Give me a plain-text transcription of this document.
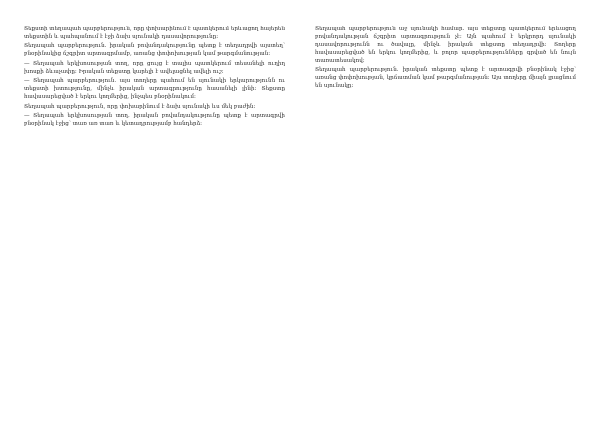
Տեքստի տեղապահ պարբերություն, որը փոխարինում է պատկերում երևացող հայերեն տեքստին և պահպանում է էջի ձախ սյունակի դասավորությունը։

Տեղապահ պարբերություն. իրական բովանդակությունը պետք է տեղադրվի այստեղ՝ բնօրինակից ճշգրիտ արտագրմամբ, առանց փոփոխության կամ թարգմանության։

— Տեղապահ երկխոսության տող, որը ցույց է տալիս պատկերում տեսանելի ուղիղ խոսքի ձևաչափը։ Իրական տեքստը կարելի է ավելացնել ավելի ուշ։

— Տեղապահ պարբերություն. այս տողերը պահում են սյունակի երկարությունն ու տեքստի խտությունը, մինչև իրական արտագրությունը հասանելի լինի։ Տեքստը հավասարեցված է երկու կողմերից, ինչպես բնօրինակում։

Տեղապահ պարբերություն, որը փոխարինում է ձախ սյունակի ևս մեկ բաժին։

— Տեղապահ երկխոսության տող. իրական բովանդակությունը պետք է արտագրվի բնօրինակ էջից՝ տառ առ տառ և կետադրությամբ հանդերձ։

Տեղապահ պարբերություն աջ սյունակի համար. այս տեքստը պատկերում երևացող բովանդակության ճշգրիտ արտագրություն չէ։ Այն պահում է երկրորդ սյունակի դասավորությունն ու ծավալը, մինչև իրական տեքստը տեղադրվի։ Տողերը հավասարեցված են երկու կողմերից, և բոլոր պարբերությունները գրված են նույն տառատեսակով։

Տեղապահ պարբերություն. իրական տեքստը պետք է արտագրվի բնօրինակ էջից՝ առանց փոփոխության, կրճատման կամ թարգմանության։ Այս տողերը միայն լրացնում են սյունակը։
